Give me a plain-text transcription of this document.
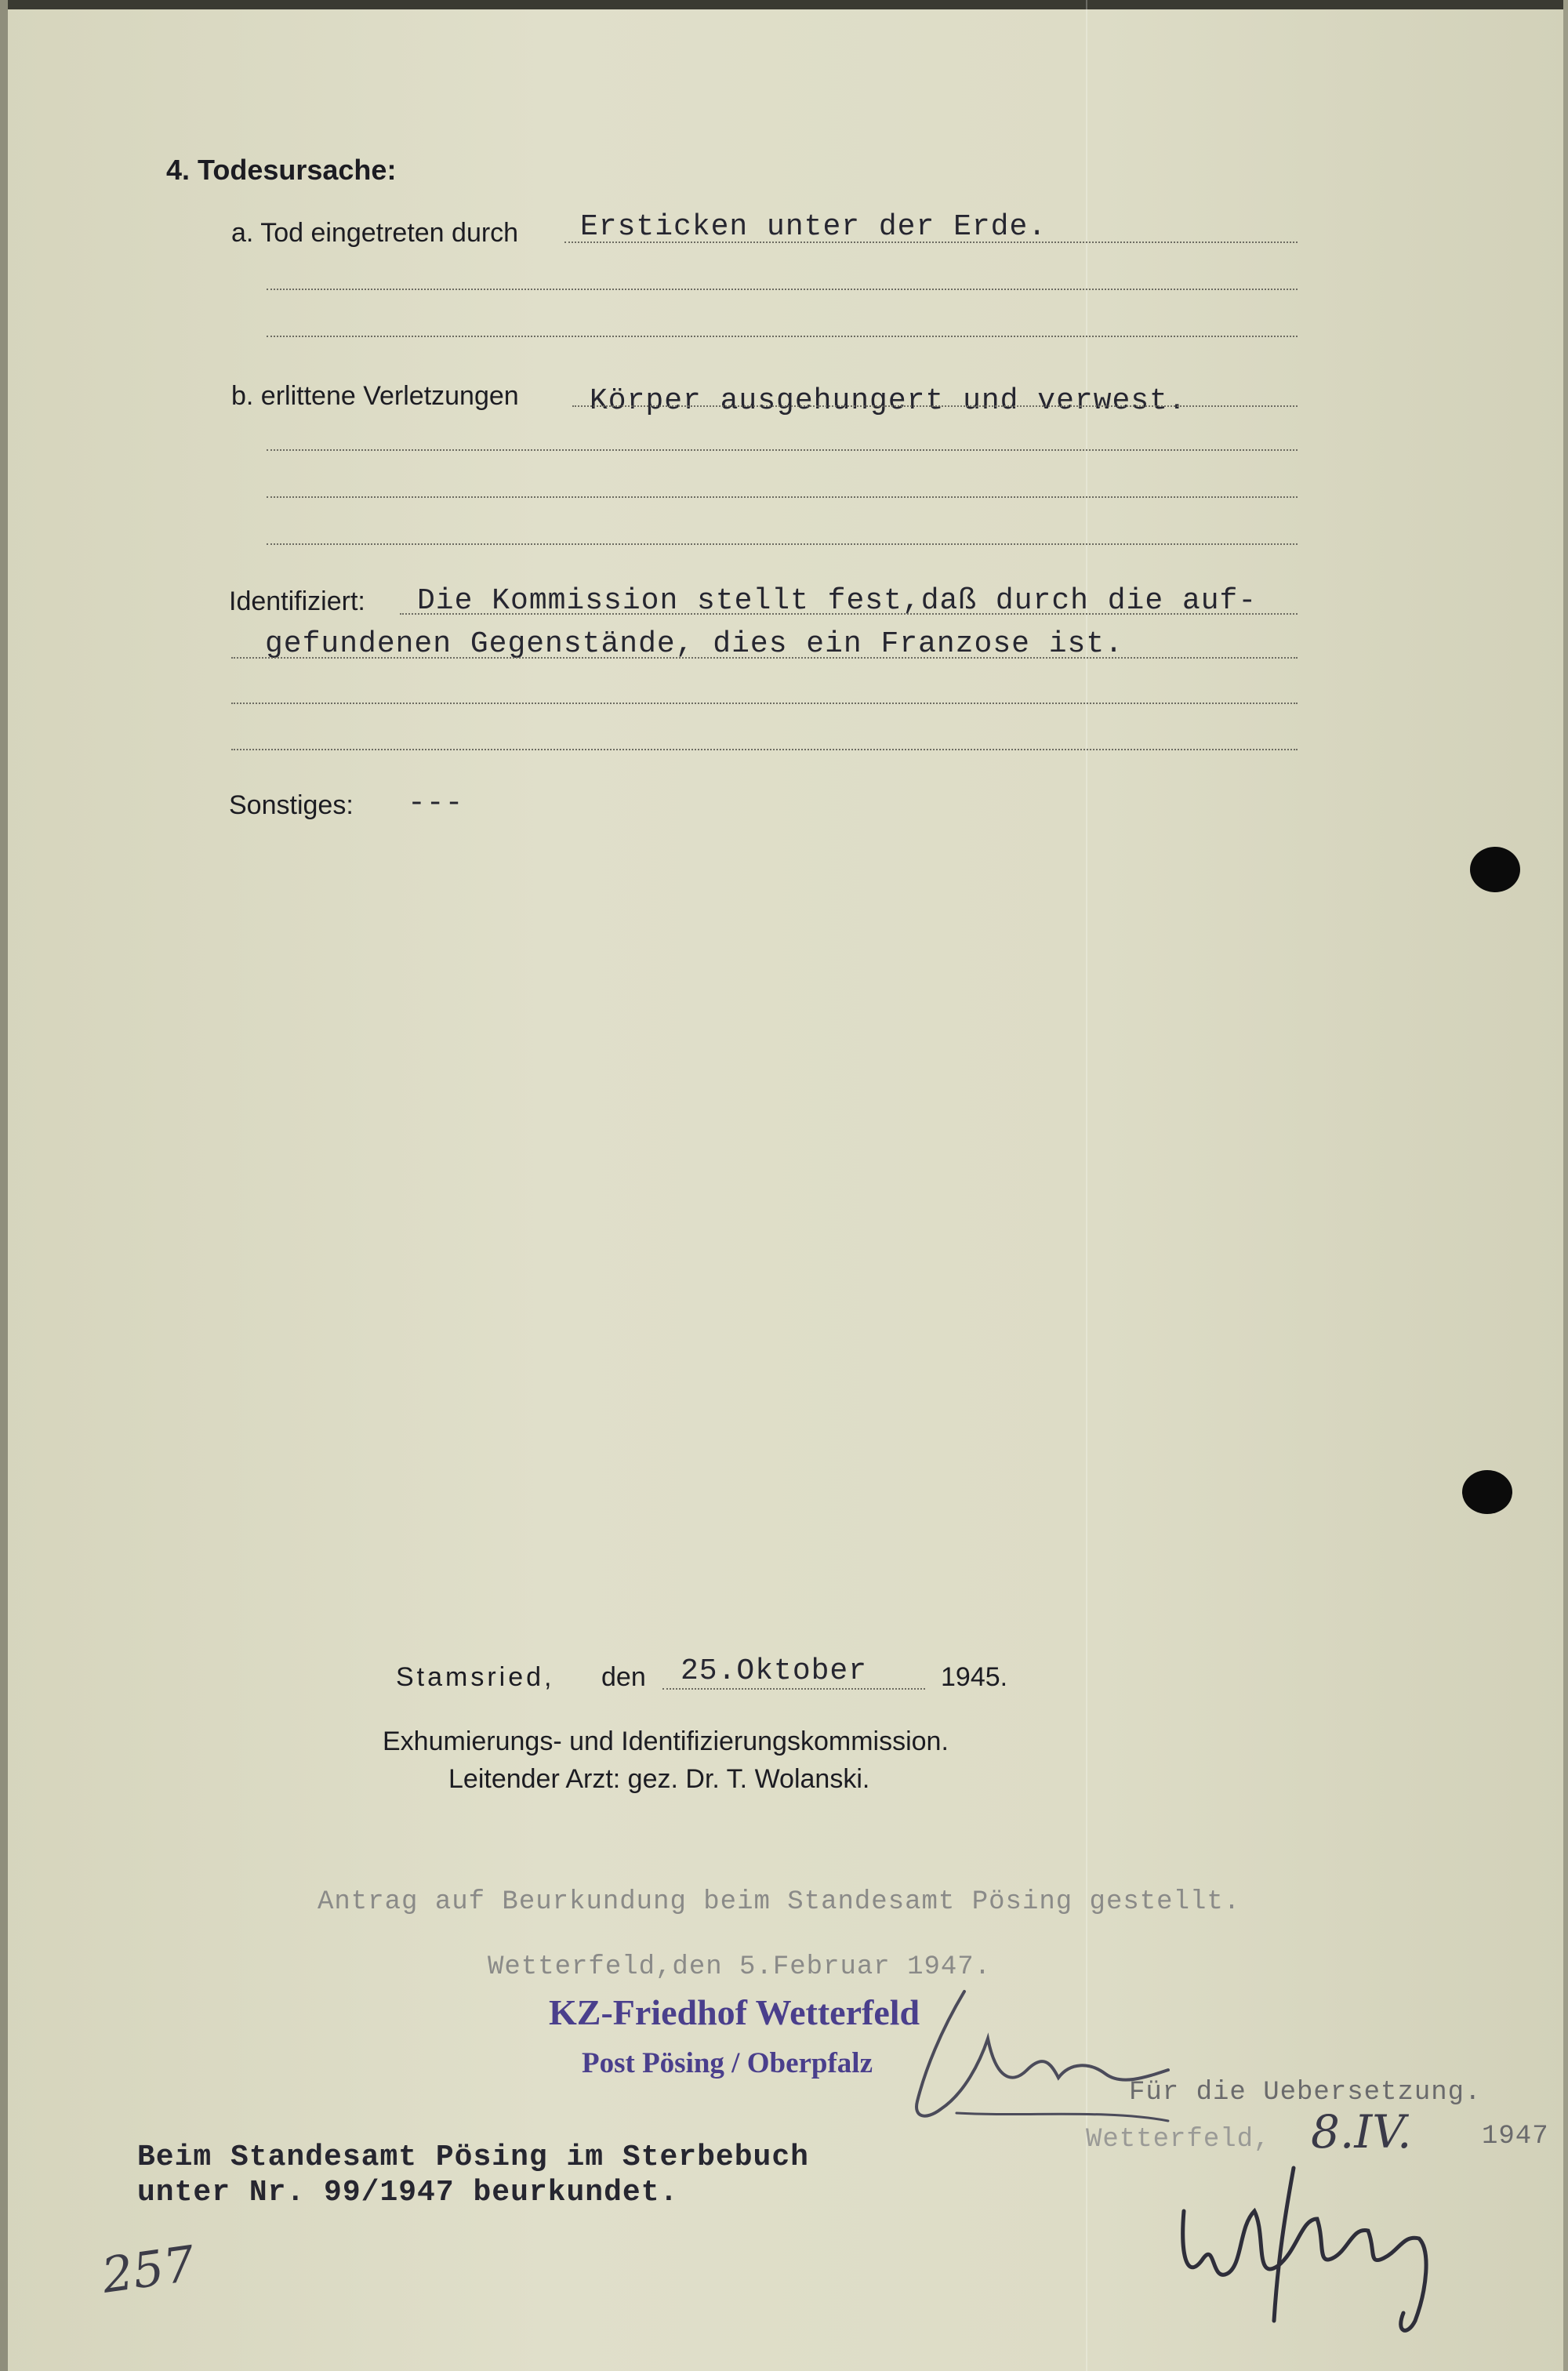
4. Todesursache:
a. Tod eingetreten durch Ersticken unter der Erde.
b. erlittene Verletzungen Körper ausgehungert und verwest.
Identifiziert: Die Kommission stellt fest,daß durch die auf-
gefundenen Gegenstände, dies ein Franzose ist.
Sonstiges: ---
Stamsried, den 25.Oktober	1945.
Exhumierungs- und Identifizierungskommission.
Leitender Arzt: gez. Dr. T. Wolanski.
Antrag auf Beurkundung beim Standesamt Pösing gestellt.
Wetterfeld,den 5.Februar 1947.
KZ-Friedhof Wetterfeld
Post Pösing / Oberpfalz
Für die Uebersetzung.
Wetterfeld, 8.IV.	1947
Beim Standesamt Pösing im Sterbebuch
unter Nr. 99/1947 beurkundet.
257
